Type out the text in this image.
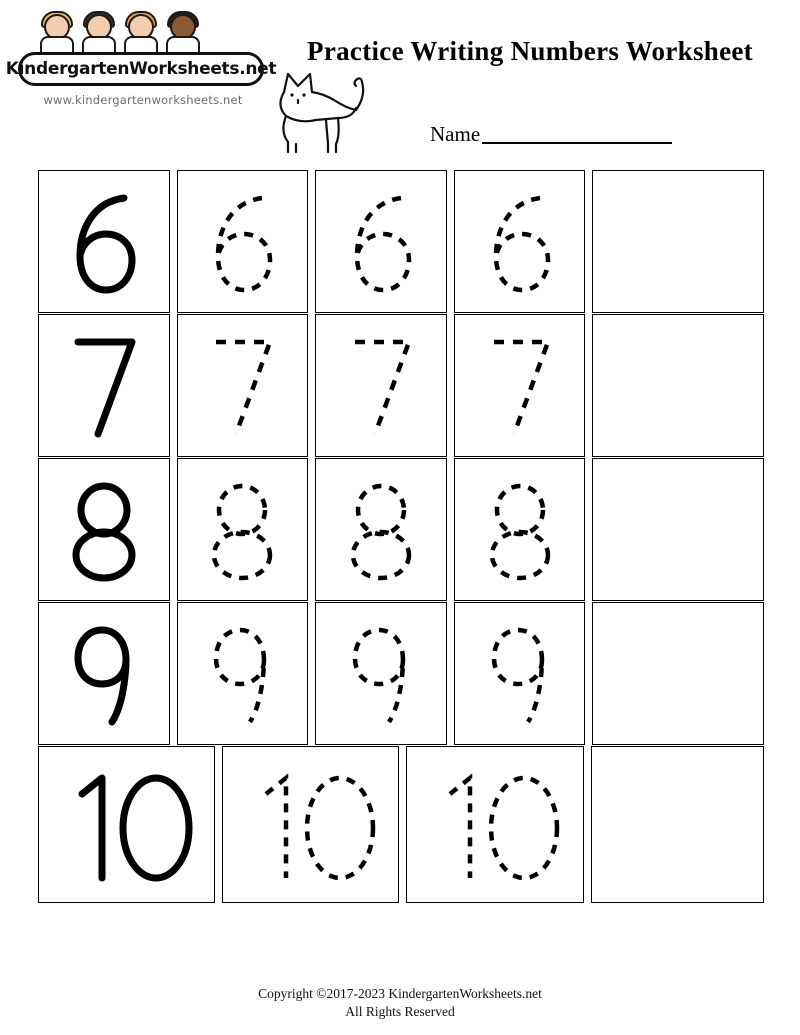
KindergartenWorksheets.net
www.kindergartenworksheets.net
Practice Writing Numbers Worksheet
Name
Copyright ©2017-2023 KindergartenWorksheets.net
All Rights Reserved
